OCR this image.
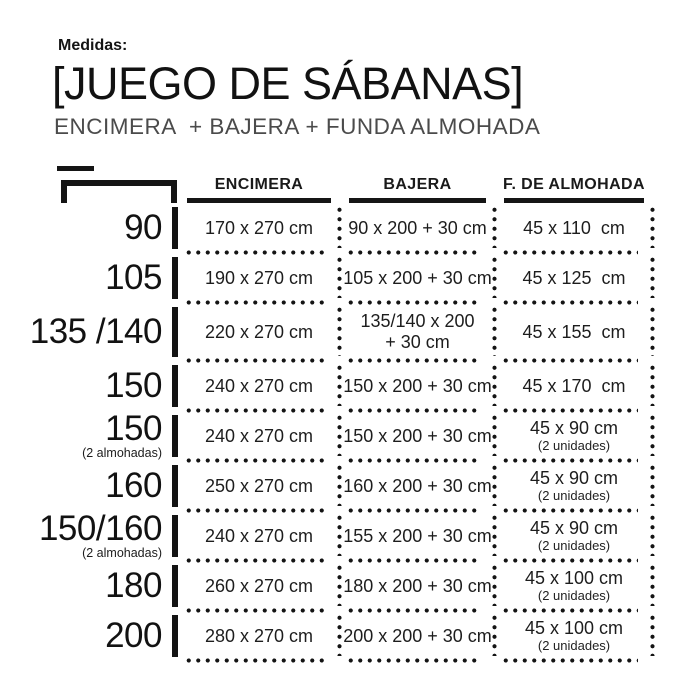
Medidas:
[JUEGO DE SÁBANAS]
ENCIMERA  + BAJERA + FUNDA ALMOHADA
ENCIMERA	BAJERA	F. DE ALMOHADA
90 170 x 270 cm 90 x 200 + 30 cm 45 x 110  cm
105 190 x 270 cm 105 x 200 + 30 cm 45 x 125  cm
135 /140 220 x 270 cm
135/140 x 200
+ 30 cm
45 x 155  cm
150 240 x 270 cm 150 x 200 + 30 cm 45 x 170  cm
150
(2 almohadas)
240 x 270 cm 150 x 200 + 30 cm 45 x 90 cm
(2 unidades)
160 250 x 270 cm 160 x 200 + 30 cm 45 x 90 cm
(2 unidades)
150/160
(2 almohadas)
240 x 270 cm 155 x 200 + 30 cm 45 x 90 cm
(2 unidades)
180 260 x 270 cm 180 x 200 + 30 cm 45 x 100 cm
(2 unidades)
200 280 x 270 cm 200 x 200 + 30 cm 45 x 100 cm
(2 unidades)
